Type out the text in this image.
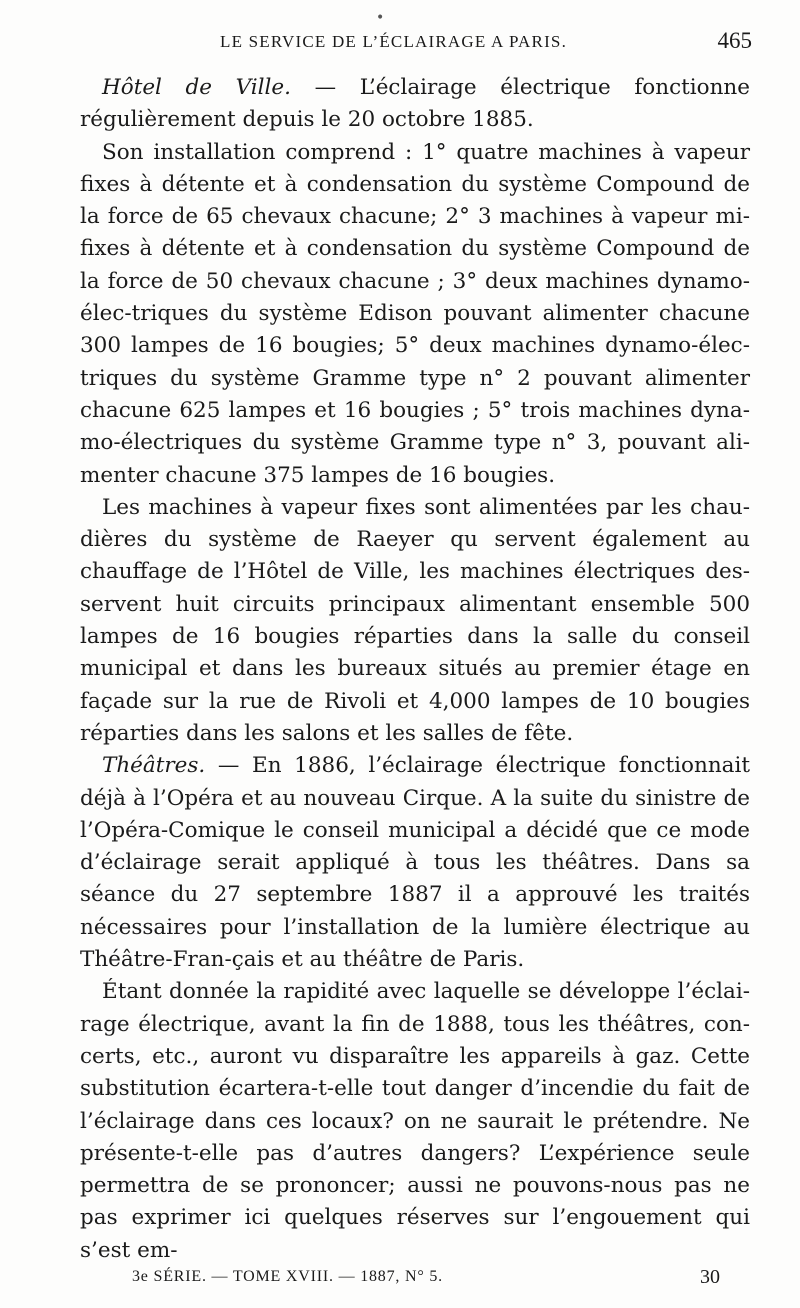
•
LE SERVICE DE L’ÉCLAIRAGE A PARIS.	465

Hôtel de Ville. — L’éclairage électrique fonctionne régulièrement depuis le 20 octobre 1885.

Son installation comprend : 1° quatre machines à vapeur fixes à détente et à condensation du système Compound de la force de 65 chevaux chacune; 2° 3 machines à vapeur mi-fixes à détente et à condensation du système Compound de la force de 50 chevaux chacune ; 3° deux machines dynamo-élec-triques du système Edison pouvant alimenter chacune 300 lampes de 16 bougies; 5° deux machines dynamo-élec-triques du système Gramme type n° 2 pouvant alimenter chacune 625 lampes et 16 bougies ; 5° trois machines dyna-mo-électriques du système Gramme type n° 3, pouvant ali-menter chacune 375 lampes de 16 bougies.

Les machines à vapeur fixes sont alimentées par les chau-dières du système de Raeyer qu servent également au chauffage de l’Hôtel de Ville, les machines électriques des-servent huit circuits principaux alimentant ensemble 500 lampes de 16 bougies réparties dans la salle du conseil municipal et dans les bureaux situés au premier étage en façade sur la rue de Rivoli et 4,000 lampes de 10 bougies réparties dans les salons et les salles de fête.

Théâtres. — En 1886, l’éclairage électrique fonctionnait déjà à l’Opéra et au nouveau Cirque. A la suite du sinistre de l’Opéra-Comique le conseil municipal a décidé que ce mode d’éclairage serait appliqué à tous les théâtres. Dans sa séance du 27 septembre 1887 il a approuvé les traités nécessaires pour l’installation de la lumière électrique au Théâtre-Fran-çais et au théâtre de Paris.

Étant donnée la rapidité avec laquelle se développe l’éclai-rage électrique, avant la fin de 1888, tous les théâtres, con-certs, etc., auront vu disparaître les appareils à gaz. Cette substitution écartera-t-elle tout danger d’incendie du fait de l’éclairage dans ces locaux? on ne saurait le prétendre. Ne présente-t-elle pas d’autres dangers? L’expérience seule permettra de se prononcer; aussi ne pouvons-nous pas ne pas exprimer ici quelques réserves sur l’engouement qui s’est em-

3e SÉRIE. — TOME XVIII. — 1887, N° 5.	30
